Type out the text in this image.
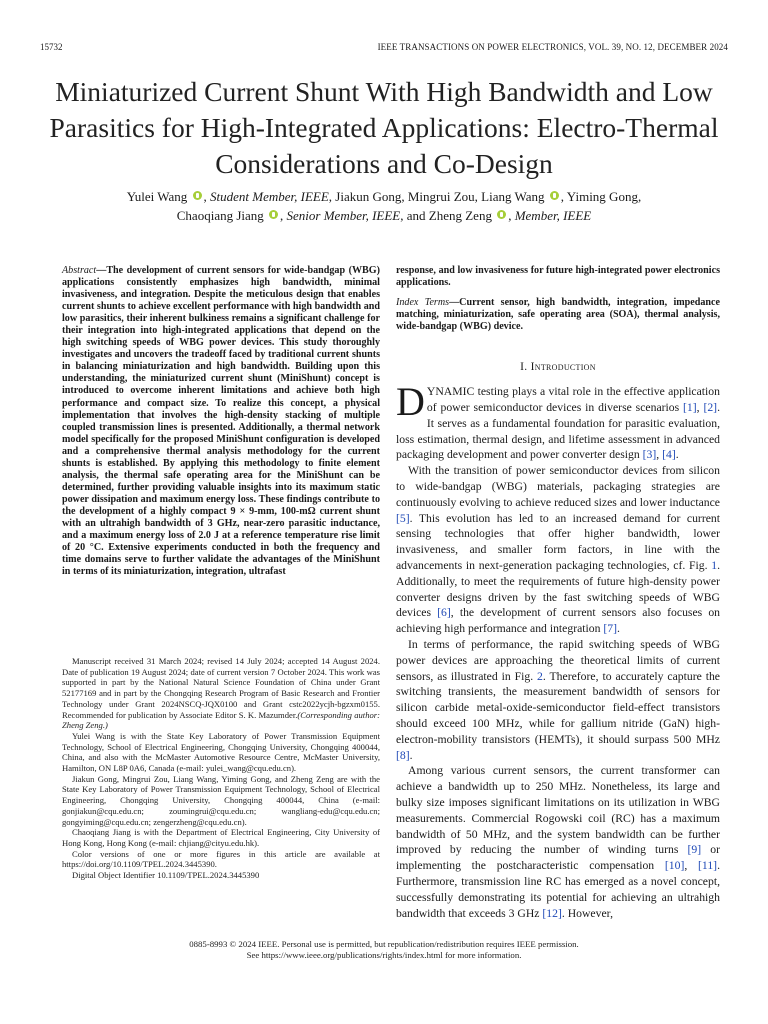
15732	IEEE TRANSACTIONS ON POWER ELECTRONICS, VOL. 39, NO. 12, DECEMBER 2024
Miniaturized Current Shunt With High Bandwidth and Low Parasitics for High-Integrated Applications: Electro-Thermal Considerations and Co-Design
Yulei Wang , Student Member, IEEE, Jiakun Gong, Mingrui Zou, Liang Wang , Yiming Gong,
Chaoqiang Jiang , Senior Member, IEEE, and Zheng Zeng , Member, IEEE

Abstract—The development of current sensors for wide-bandgap (WBG) applications consistently emphasizes high bandwidth, minimal invasiveness, and integration. Despite the meticulous design that enables current shunts to achieve excellent performance with high bandwidth and low parasitics, their inherent bulkiness remains a significant challenge for their integration into high-integrated applications that depend on the high switching speeds of WBG power devices. This study thoroughly investigates and uncovers the tradeoff faced by traditional current shunts in balancing miniaturization and high bandwidth. Building upon this understanding, the miniaturized current shunt (MiniShunt) concept is introduced to overcome inherent limitations and achieve both high performance and compact size. To realize this concept, a physical implementation that involves the high-density stacking of multiple coupled transmission lines is presented. Additionally, a thermal network model specifically for the proposed MiniShunt configuration is developed and a comprehensive thermal analysis methodology for the current shunts is established. By applying this methodology to finite element analysis, the thermal safe operating area for the MiniShunt can be determined, further providing valuable insights into its maximum static power dissipation and maximum energy loss. These findings contribute to the development of a highly compact 9 × 9-mm, 100-mΩ current shunt with an ultrahigh bandwidth of 3 GHz, near-zero parasitic inductance, and a maximum energy loss of 2.0 J at a reference temperature rise limit of 20 °C. Extensive experiments conducted in both the frequency and time domains serve to further validate the advantages of the MiniShunt in terms of its miniaturization, integration, ultrafast

Manuscript received 31 March 2024; revised 14 July 2024; accepted 14 August 2024. Date of publication 19 August 2024; date of current version 7 October 2024. This work was supported in part by the National Natural Science Foundation of China under Grant 52177169 and in part by the Chongqing Research Program of Basic Research and Frontier Technology under Grant 2024NSCQ-JQX0100 and Grant cstc2022ycjh-bgzxm0155. Recommended for publication by Associate Editor S. K. Mazumder.(Corresponding author: Zheng Zeng.)

Yulei Wang is with the State Key Laboratory of Power Transmission Equipment Technology, School of Electrical Engineering, Chongqing University, Chongqing 400044, China, and also with the McMaster Automotive Resource Centre, McMaster University, Hamilton, ON L8P 0A6, Canada (e-mail: yulei_wang@cqu.edu.cn).

Jiakun Gong, Mingrui Zou, Liang Wang, Yiming Gong, and Zheng Zeng are with the State Key Laboratory of Power Transmission Equipment Technology, School of Electrical Engineering, Chongqing University, Chongqing 400044, China (e-mail: gonjiakun@cqu.edu.cn; zoumingrui@cqu.edu.cn; wangliang-edu@cqu.edu.cn; gongyiming@cqu.edu.cn; zengerzheng@cqu.edu.cn).

Chaoqiang Jiang is with the Department of Electrical Engineering, City University of Hong Kong, Hong Kong (e-mail: chjiang@cityu.edu.hk).

Color versions of one or more figures in this article are available at https://doi.org/10.1109/TPEL.2024.3445390.

Digital Object Identifier 10.1109/TPEL.2024.3445390

response, and low invasiveness for future high-integrated power electronics applications.

Index Terms—Current sensor, high bandwidth, integration, impedance matching, miniaturization, safe operating area (SOA), thermal analysis, wide-bandgap (WBG) device.

I. Introduction

DYNAMIC testing plays a vital role in the effective application of power semiconductor devices in diverse scenarios [1], [2]. It serves as a fundamental foundation for parasitic evaluation, loss estimation, thermal design, and lifetime assessment in advanced packaging development and power converter design [3], [4].

With the transition of power semiconductor devices from silicon to wide-bandgap (WBG) materials, packaging strategies are continuously evolving to achieve reduced sizes and lower inductance [5]. This evolution has led to an increased demand for current sensing technologies that offer higher bandwidth, lower invasiveness, and smaller form factors, in line with the advancements in next-generation packaging technologies, cf. Fig. 1. Additionally, to meet the requirements of future high-density power converter designs driven by the fast switching speeds of WBG devices [6], the development of current sensors also focuses on achieving high performance and integration [7].

In terms of performance, the rapid switching speeds of WBG power devices are approaching the theoretical limits of current sensors, as illustrated in Fig. 2. Therefore, to accurately capture the switching transients, the measurement bandwidth of sensors for silicon carbide metal-oxide-semiconductor field-effect transistors should exceed 100 MHz, while for gallium nitride (GaN) high-electron-mobility transistors (HEMTs), it should surpass 500 MHz [8].

Among various current sensors, the current transformer can achieve a bandwidth up to 250 MHz. Nonetheless, its large and bulky size imposes significant limitations on its utilization in WBG measurements. Commercial Rogowski coil (RC) has a maximum bandwidth of 50 MHz, and the system bandwidth can be further improved by reducing the number of winding turns [9] or implementing the postcharacteristic compensation [10], [11]. Furthermore, transmission line RC has emerged as a novel concept, successfully demonstrating its potential for achieving an ultrahigh bandwidth that exceeds 3 GHz [12]. However,

0885-8993 © 2024 IEEE. Personal use is permitted, but republication/redistribution requires IEEE permission.
See https://www.ieee.org/publications/rights/index.html for more information.
